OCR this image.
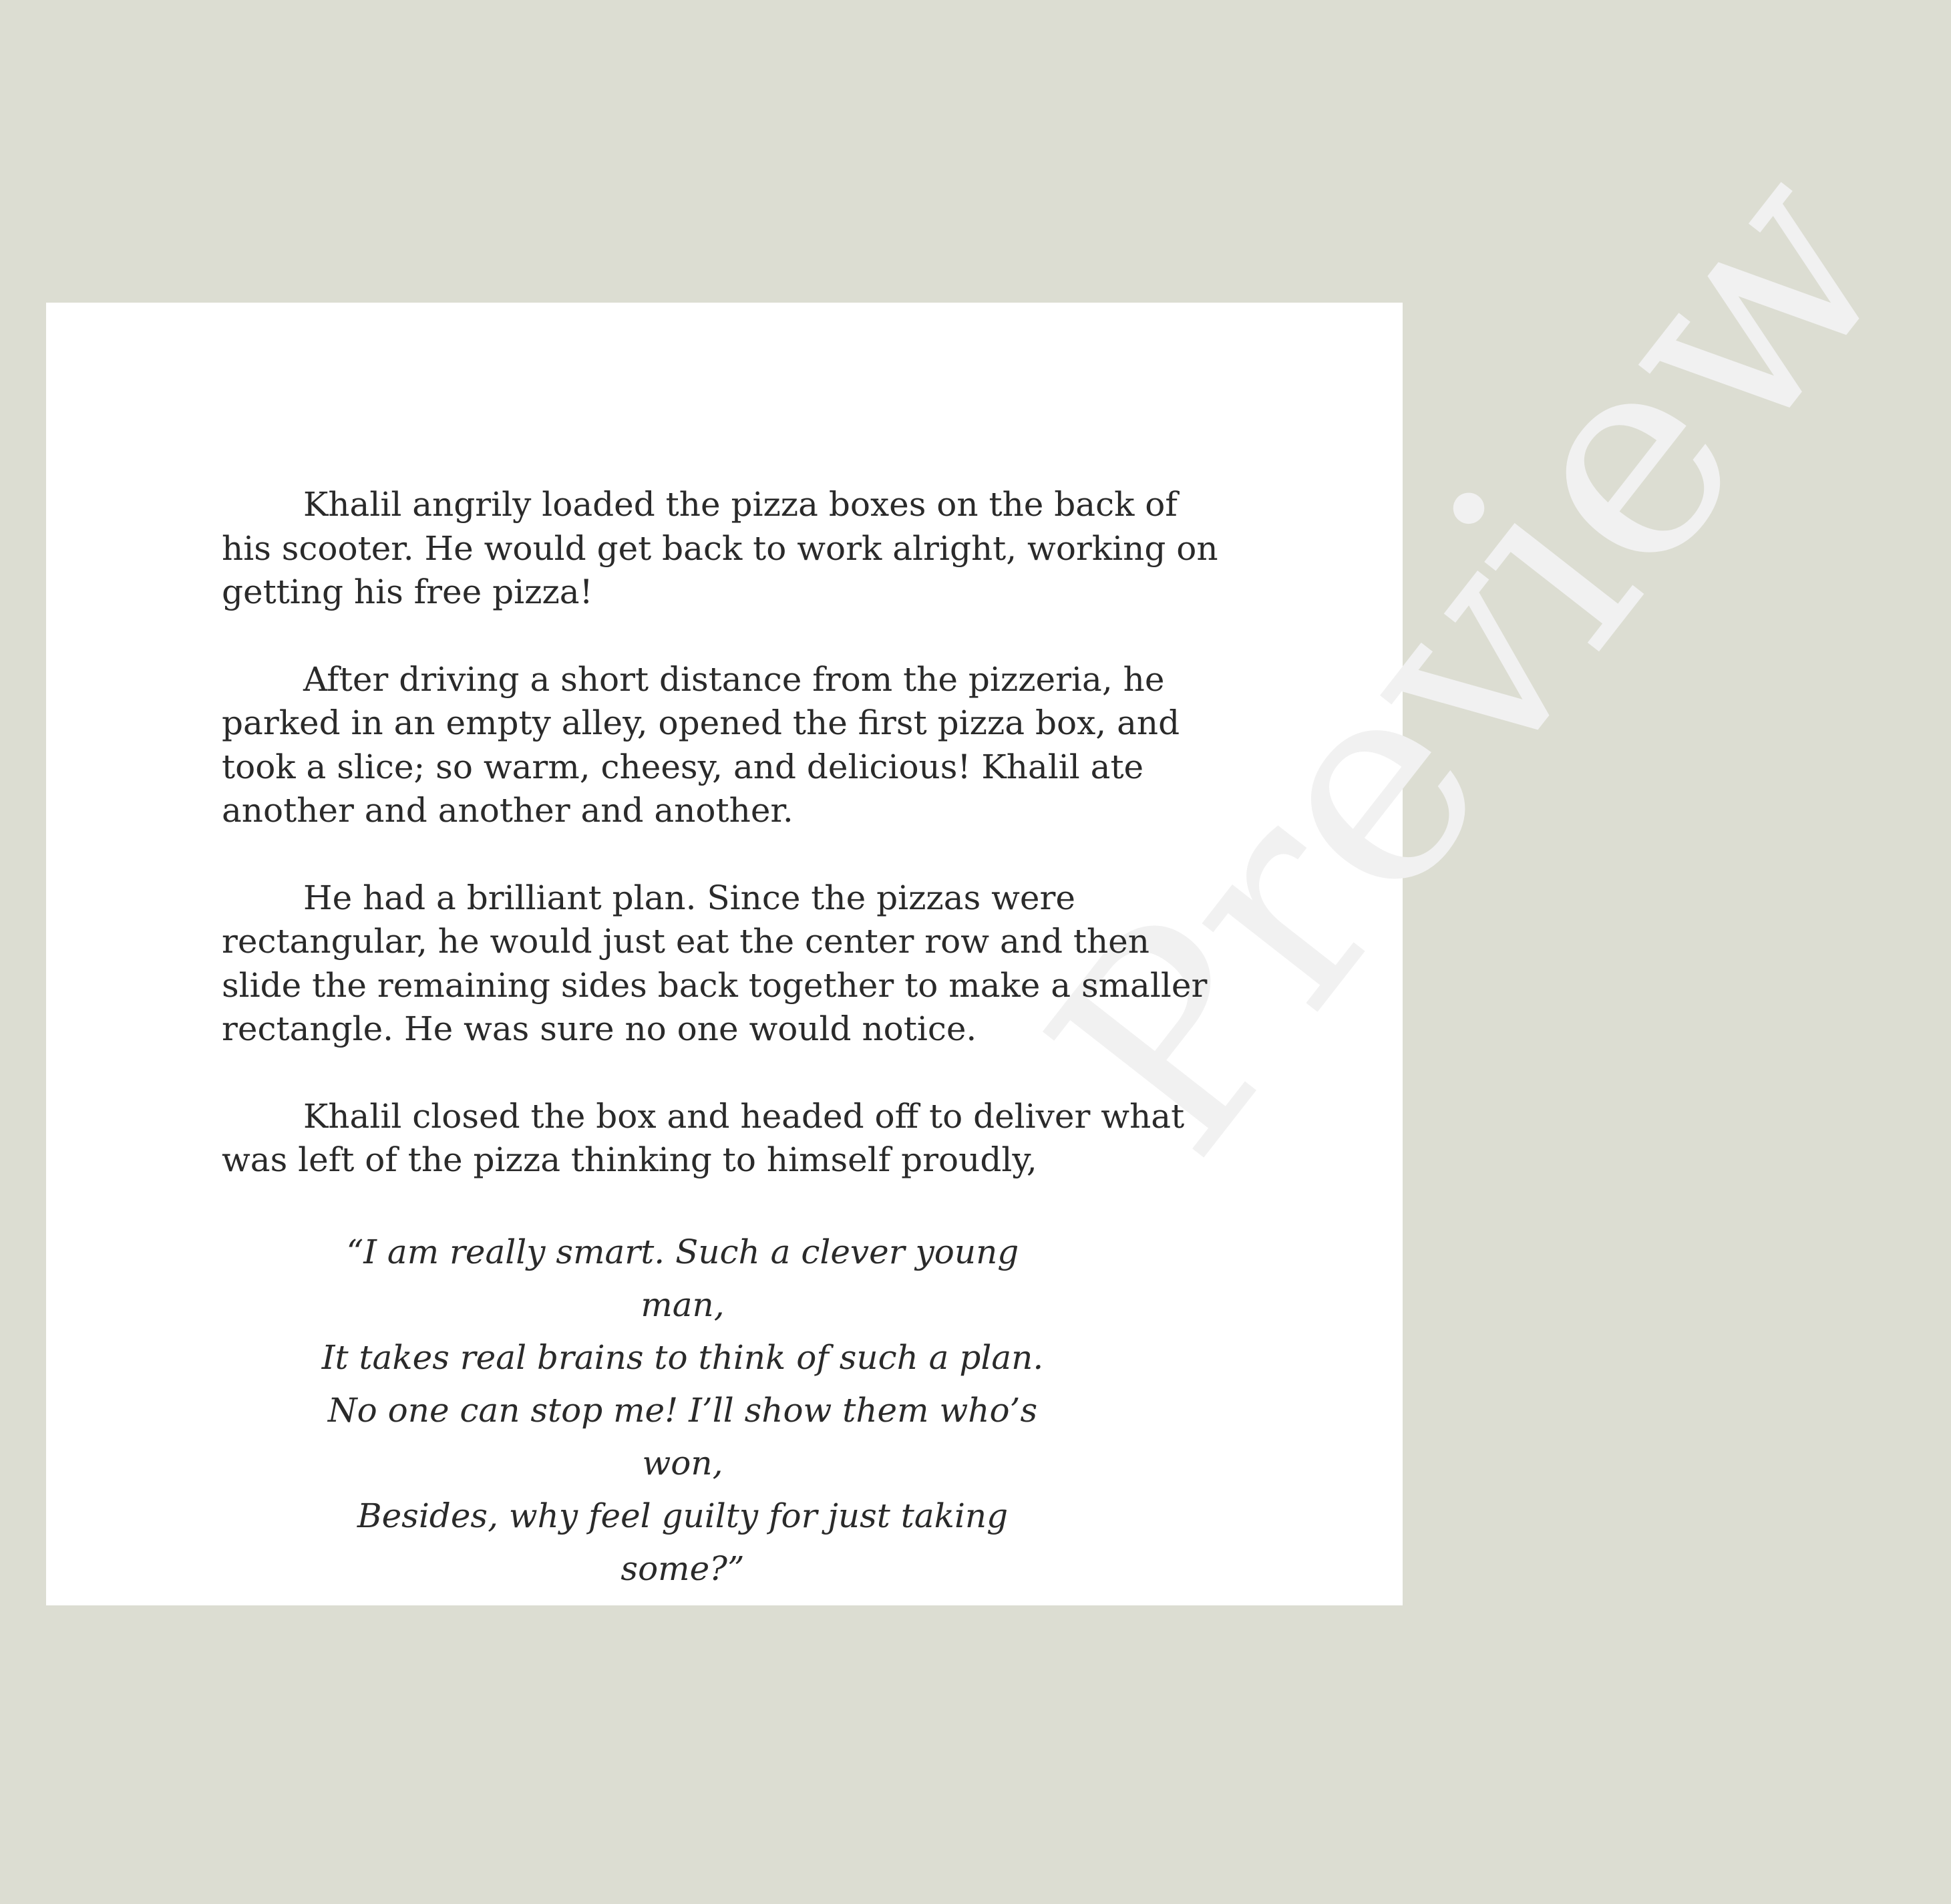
Preview

Khalil angrily loaded the pizza boxes on the back of his scooter. He would get back to work alright, working on getting his free pizza!

After driving a short distance from the pizzeria, he parked in an empty alley, opened the first pizza box, and took a slice; so warm, cheesy, and delicious! Khalil ate another and another and another.

He had a brilliant plan. Since the pizzas were rectangular, he would just eat the center row and then slide the remaining sides back together to make a smaller rectangle. He was sure no one would notice.

Khalil closed the box and headed off to deliver what was left of the pizza thinking to himself proudly,

“I am really smart. Such a clever young man,
It takes real brains to think of such a plan.
No one can stop me! I’ll show them who’s won,
Besides, why feel guilty for just taking some?”
